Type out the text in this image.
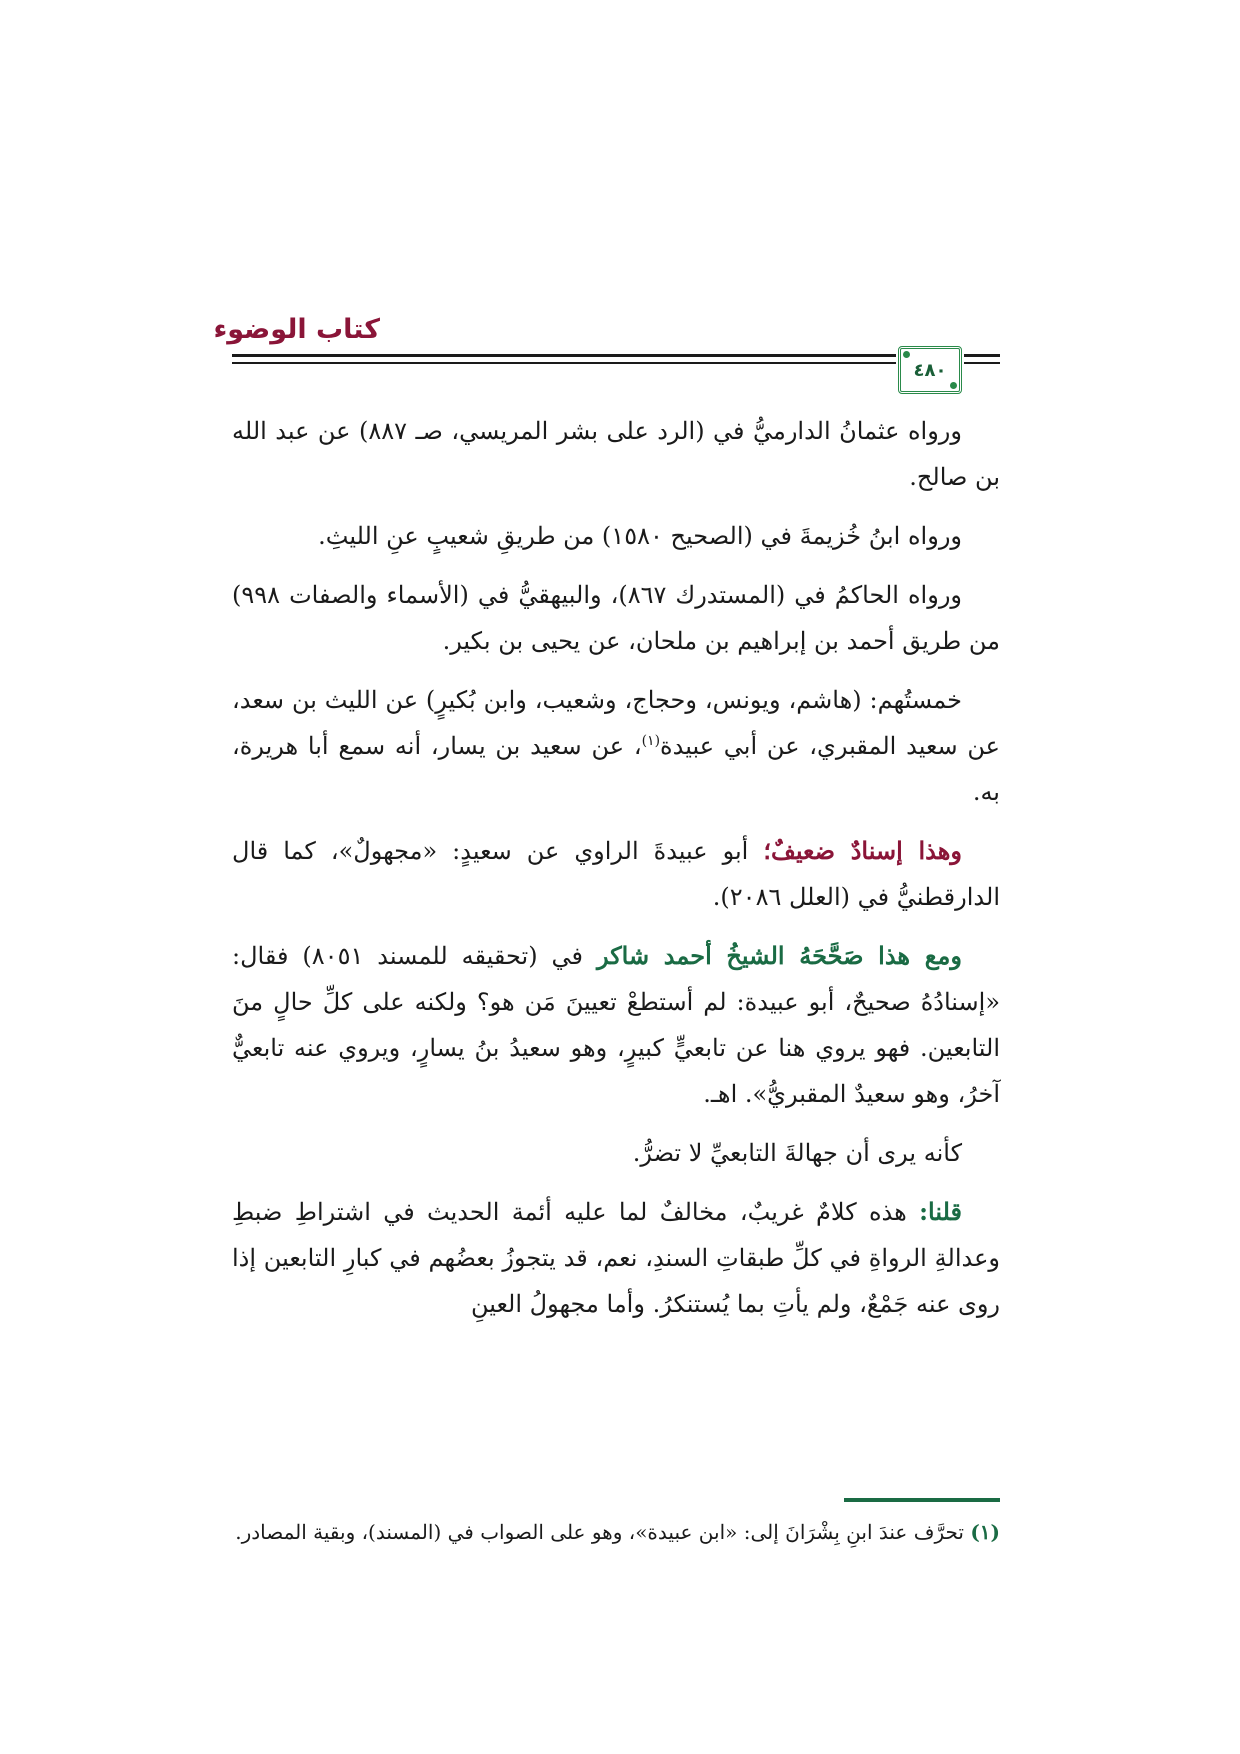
كتاب الوضوء
٤٨٠

ورواه عثمانُ الدارميُّ في (الرد على بشر المريسي، صـ ٨٨٧) عن عبد الله بن صالح.

ورواه ابنُ خُزيمةَ في (الصحيح ١٥٨٠) من طريقِ شعيبٍ عنِ الليثِ.

ورواه الحاكمُ في (المستدرك ٨٦٧)، والبيهقيُّ في (الأسماء والصفات ٩٩٨) من طريق أحمد بن إبراهيم بن ملحان، عن يحيى بن بكير.

خمستُهم: (هاشم، ويونس، وحجاج، وشعيب، وابن بُكيرٍ) عن الليث بن سعد، عن سعيد المقبري، عن أبي عبيدة$^{(١)}$، عن سعيد بن يسار، أنه سمع أبا هريرة، به.

وهذا إسنادٌ ضعيفٌ؛ أبو عبيدةَ الراوي عن سعيدٍ: «مجهولٌ»، كما قال الدارقطنيُّ في (العلل ٢٠٨٦).

ومع هذا صَحَّحَهُ الشيخُ أحمد شاكر في (تحقيقه للمسند ٨٠٥١) فقال: «إسنادُهُ صحيحٌ، أبو عبيدة: لم أستطعْ تعيينَ مَن هو؟ ولكنه على كلِّ حالٍ منَ التابعين. فهو يروي هنا عن تابعيٍّ كبيرٍ، وهو سعيدُ بنُ يسارٍ، ويروي عنه تابعيٌّ آخرُ، وهو سعيدٌ المقبريُّ». اهـ.

كأنه يرى أن جهالةَ التابعيِّ لا تضرُّ.

قلنا: هذه كلامٌ غريبٌ، مخالفٌ لما عليه أئمة الحديث في اشتراطِ ضبطِ وعدالةِ الرواةِ في كلِّ طبقاتِ السندِ، نعم، قد يتجوزُ بعضُهم في كبارِ التابعين إذا روى عنه جَمْعٌ، ولم يأتِ بما يُستنكرُ. وأما مجهولُ العينِ

(١) تحرَّف عندَ ابنِ بِشْرَانَ إلى: «ابن عبيدة»، وهو على الصواب في (المسند)، وبقية المصادر.
